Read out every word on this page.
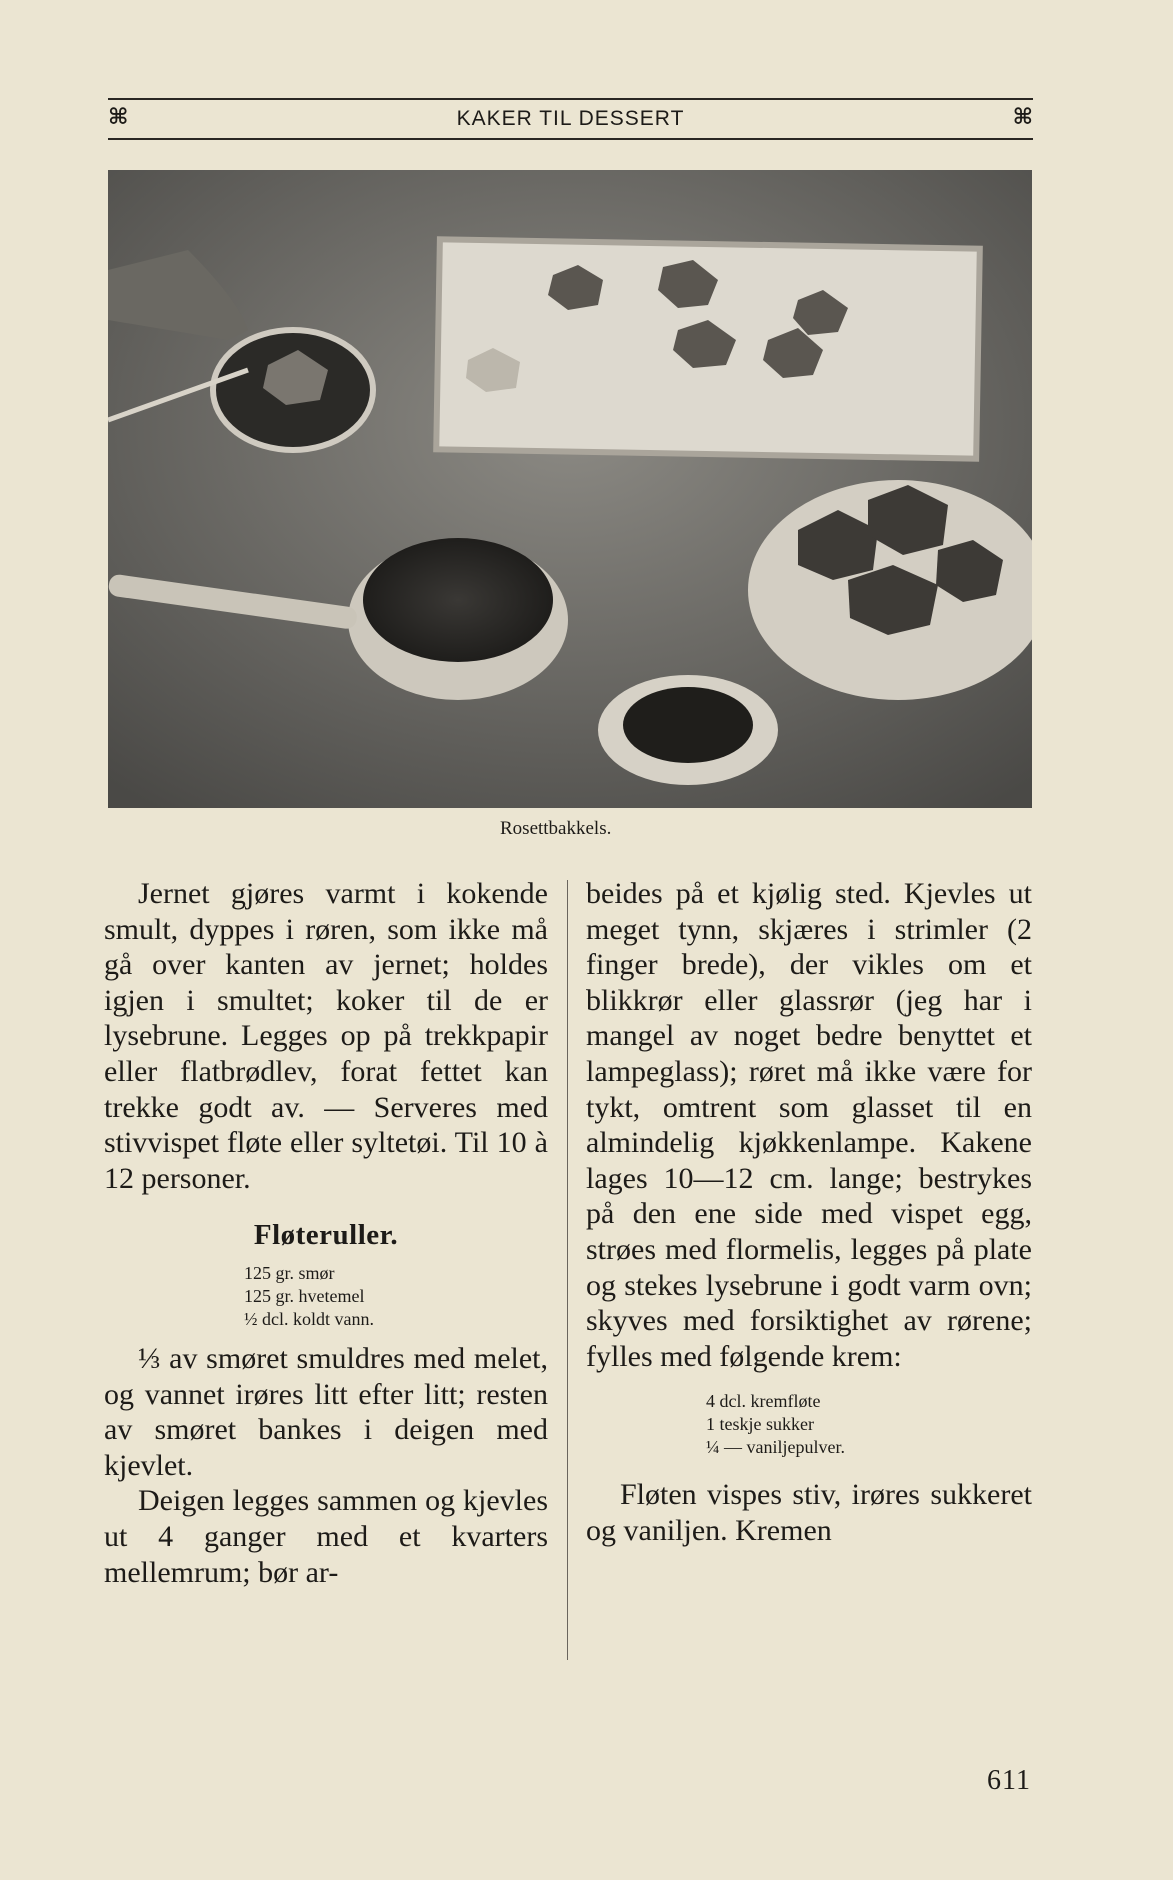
⌘	KAKER TIL DESSERT	⌘
Rosettbakkels.

Jernet gjøres varmt i kokende smult, dyppes i røren, som ikke må gå over kanten av jernet; holdes igjen i smultet; koker til de er lysebrune. Legges op på trekkpapir eller flatbrødlev, forat fettet kan trekke godt av. — Serveres med stivvispet fløte eller syltetøi. Til 10 à 12 personer.

Fløteruller.
125 gr. smør
125 gr. hvetemel
½ dcl. koldt vann.

⅓ av smøret smuldres med melet, og vannet irøres litt efter litt; resten av smøret bankes i deigen med kjevlet.

Deigen legges sammen og kjevles ut 4 ganger med et kvarters mellemrum; bør ar-

beides på et kjølig sted. Kjevles ut meget tynn, skjæres i strimler (2 finger brede), der vikles om et blikkrør eller glassrør (jeg har i mangel av noget bedre benyttet et lampeglass); røret må ikke være for tykt, omtrent som glasset til en almindelig kjøkkenlampe. Kakene lages 10—12 cm. lange; bestrykes på den ene side med vispet egg, strøes med flormelis, legges på plate og stekes lysebrune i godt varm ovn; skyves med forsiktighet av rørene; fylles med følgende krem:

4 dcl. kremfløte
1 teskje sukker
¼ — vaniljepulver.

Fløten vispes stiv, irøres sukkeret og vaniljen. Kremen

611
